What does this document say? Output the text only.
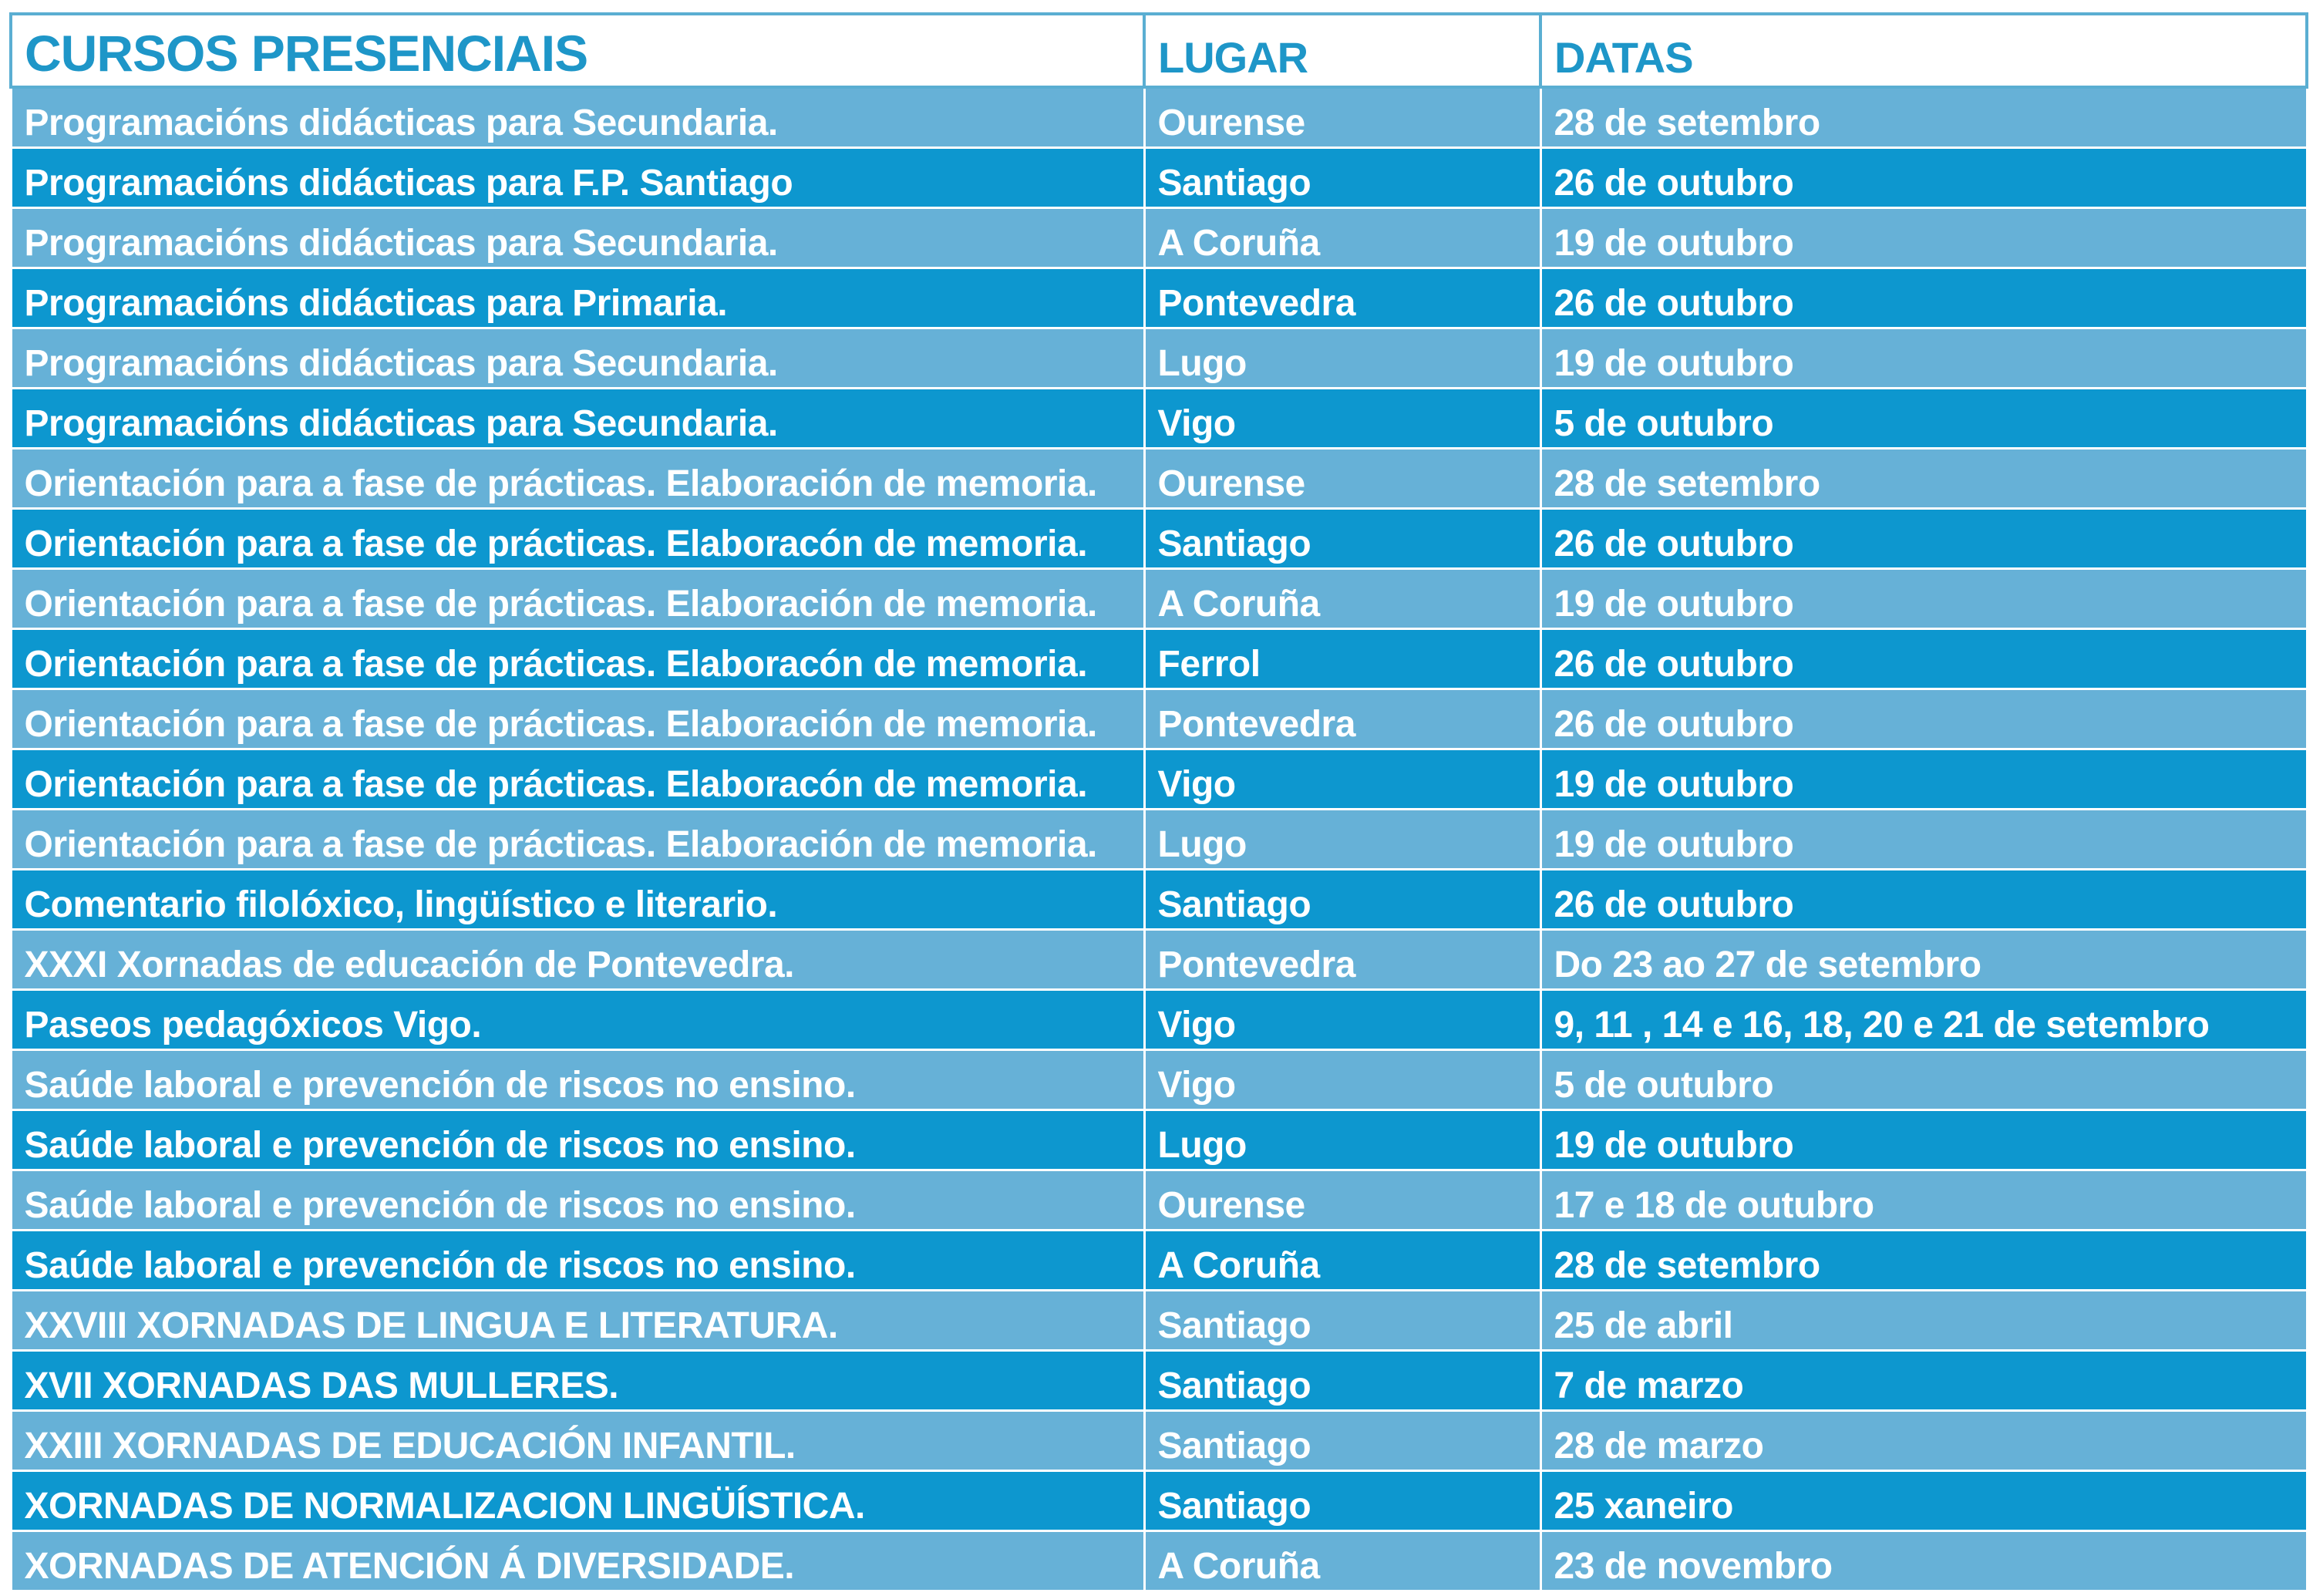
CURSOS PRESENCIAIS	LUGAR	DATAS
Programacións didácticas para Secundaria.	Ourense	28 de setembro
Programacións didácticas para F.P. Santiago	Santiago	26 de outubro
Programacións didácticas para Secundaria.	A Coruña	19 de outubro
Programacións didácticas para Primaria.	Pontevedra	26 de outubro
Programacións didácticas para Secundaria.	Lugo	19 de outubro
Programacións didácticas para Secundaria.	Vigo	5 de outubro
Orientación para a fase de prácticas. Elaboración de memoria.	Ourense	28 de setembro
Orientación para a fase de prácticas. Elaboracón de memoria.	Santiago	26 de outubro
Orientación para a fase de prácticas. Elaboración de memoria.	A Coruña	19 de outubro
Orientación para a fase de prácticas. Elaboracón de memoria.	Ferrol	26 de outubro
Orientación para a fase de prácticas. Elaboración de memoria.	Pontevedra	26 de outubro
Orientación para a fase de prácticas. Elaboracón de memoria.	Vigo	19 de outubro
Orientación para a fase de prácticas. Elaboración de memoria.	Lugo	19 de outubro
Comentario filolóxico, lingüístico e literario.	Santiago	26 de outubro
XXXI Xornadas de educación de Pontevedra.	Pontevedra	Do 23 ao 27 de setembro
Paseos pedagóxicos Vigo.	Vigo	9, 11 , 14 e 16, 18, 20 e 21 de setembro
Saúde laboral e prevención de riscos no ensino.	Vigo	5 de outubro
Saúde laboral e prevención de riscos no ensino.	Lugo	19 de outubro
Saúde laboral e prevención de riscos no ensino.	Ourense	17 e 18 de outubro
Saúde laboral e prevención de riscos no ensino.	A Coruña	28 de setembro
XXVIII XORNADAS DE LINGUA E LITERATURA.	Santiago	25 de abril
XVII XORNADAS DAS MULLERES.	Santiago	7 de marzo
XXIII XORNADAS DE EDUCACIÓN INFANTIL.	Santiago	28 de marzo
XORNADAS DE NORMALIZACION LINGÜÍSTICA.	Santiago	25 xaneiro
XORNADAS DE ATENCIÓN Á DIVERSIDADE.	A Coruña	23 de novembro
